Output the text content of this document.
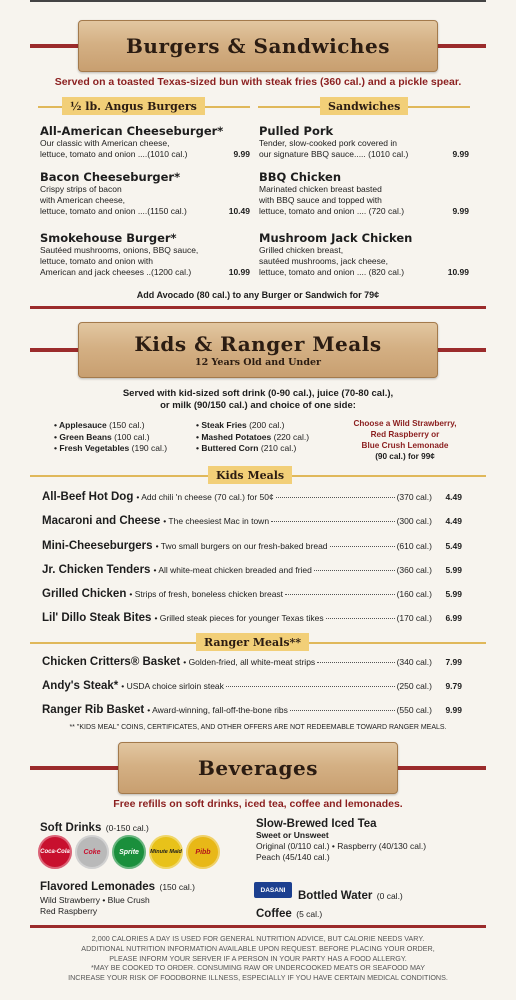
Burgers & Sandwiches
Served on a toasted Texas-sized bun with steak fries (360 cal.) and a pickle spear.
½ lb. Angus Burgers	Sandwiches
All-American Cheeseburger*
Our classic with American cheese,
lettuce, tomato and onion ....(1010 cal.)	9.99
Bacon Cheeseburger*
Crispy strips of bacon
with American cheese,
lettuce, tomato and onion ....(1150 cal.)	10.49
Smokehouse Burger*
Sautéed mushrooms, onions, BBQ sauce,
lettuce, tomato and onion with
American and jack cheeses ..(1200 cal.)	10.99
Pulled Pork
Tender, slow-cooked pork covered in
our signature BBQ sauce..... (1010 cal.)	9.99
BBQ Chicken
Marinated chicken breast basted
with BBQ sauce and topped with
lettuce, tomato and onion .... (720 cal.)	9.99
Mushroom Jack Chicken
Grilled chicken breast,
sautéed mushrooms, jack cheese,
lettuce, tomato and onion .... (820 cal.)	10.99
Add Avocado (80 cal.) to any Burger or Sandwich for 79¢
Kids & Ranger Meals
12 Years Old and Under
Served with kid-sized soft drink (0-90 cal.), juice (70-80 cal.),
or milk (90/150 cal.) and choice of one side:
• Applesauce (150 cal.)
• Green Beans (100 cal.)
• Fresh Vegetables (190 cal.)
• Steak Fries (200 cal.)
• Mashed Potatoes (220 cal.)
• Buttered Corn (210 cal.)
Choose a Wild Strawberry,
Red Raspberry or
Blue Crush Lemonade
(90 cal.) for 99¢
Kids Meals
All-Beef Hot Dog • Add chili 'n cheese (70 cal.) for 50¢	(370 cal.)	4.49
Macaroni and Cheese • The cheesiest Mac in town	(300 cal.)	4.49
Mini-Cheeseburgers • Two small burgers on our fresh-baked bread	(610 cal.)	5.49
Jr. Chicken Tenders • All white-meat chicken breaded and fried	(360 cal.)	5.99
Grilled Chicken • Strips of fresh, boneless chicken breast	(160 cal.)	5.99
Lil' Dillo Steak Bites • Grilled steak pieces for younger Texas tikes	(170 cal.)	6.99
Ranger Meals**
Chicken Critters® Basket • Golden-fried, all white-meat strips	(340 cal.)	7.99
Andy's Steak* • USDA choice sirloin steak	(250 cal.)	9.79
Ranger Rib Basket • Award-winning, fall-off-the-bone ribs	(550 cal.)	9.99
** "KIDS MEAL" COINS, CERTIFICATES, AND OTHER OFFERS ARE NOT REDEEMABLE TOWARD RANGER MEALS.
Beverages
Free refills on soft drinks, iced tea, coffee and lemonades.
Soft Drinks (0-150 cal.)
Coca-Cola	Coke	Sprite	Minute Maid	Pibb
Flavored Lemonades (150 cal.)
Wild Strawberry • Blue Crush
Red Raspberry
Slow-Brewed Iced Tea
Sweet or Unsweet
Original (0/110 cal.) • Raspberry (40/130 cal.)
Peach (45/140 cal.)
DASANI	Bottled Water (0 cal.)
Coffee (5 cal.)
2,000 CALORIES A DAY IS USED FOR GENERAL NUTRITION ADVICE, BUT CALORIE NEEDS VARY.
ADDITIONAL NUTRITION INFORMATION AVAILABLE UPON REQUEST. BEFORE PLACING YOUR ORDER,
PLEASE INFORM YOUR SERVER IF A PERSON IN YOUR PARTY HAS A FOOD ALLERGY.
*MAY BE COOKED TO ORDER. CONSUMING RAW OR UNDERCOOKED MEATS OR SEAFOOD MAY
INCREASE YOUR RISK OF FOODBORNE ILLNESS, ESPECIALLY IF YOU HAVE CERTAIN MEDICAL CONDITIONS.
